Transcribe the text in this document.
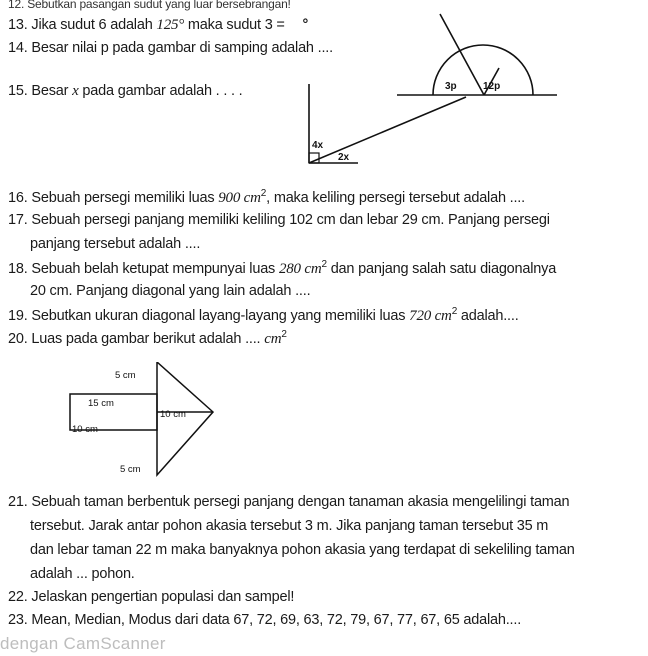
12. Sebutkan pasangan sudut yang luar bersebrangan!
13. Jika sudut 6 adalah 125° maka sudut 3 = °
14. Besar nilai p pada gambar di samping adalah ....
15. Besar x pada gambar adalah . . . .	3p	12p
4x
2x
16. Sebuah persegi memiliki luas 900 $cm^2$, maka keliling persegi tersebut adalah ....
17. Sebuah persegi panjang memiliki keliling 102 cm dan lebar 29 cm. Panjang persegi
panjang tersebut adalah ....
18. Sebuah belah ketupat mempunyai luas 280 $cm^2$ dan panjang salah satu diagonalnya
20 cm. Panjang diagonal yang lain adalah ....
19. Sebutkan ukuran diagonal layang-layang yang memiliki luas 720 $cm^2$ adalah....
20. Luas pada gambar berikut adalah .... $cm^2$
5 cm
15 cm
10 cm
10 cm
5 cm
21. Sebuah taman berbentuk persegi panjang dengan tanaman akasia mengelilingi taman
tersebut. Jarak antar pohon akasia tersebut 3 m. Jika panjang taman tersebut 35 m
dan lebar taman 22 m maka banyaknya pohon akasia yang terdapat di sekeliling taman
adalah ... pohon.
22. Jelaskan pengertian populasi dan sampel!
23. Mean, Median, Modus dari data 67, 72, 69, 63, 72, 79, 67, 77, 67, 65 adalah....
dengan CamScanner
